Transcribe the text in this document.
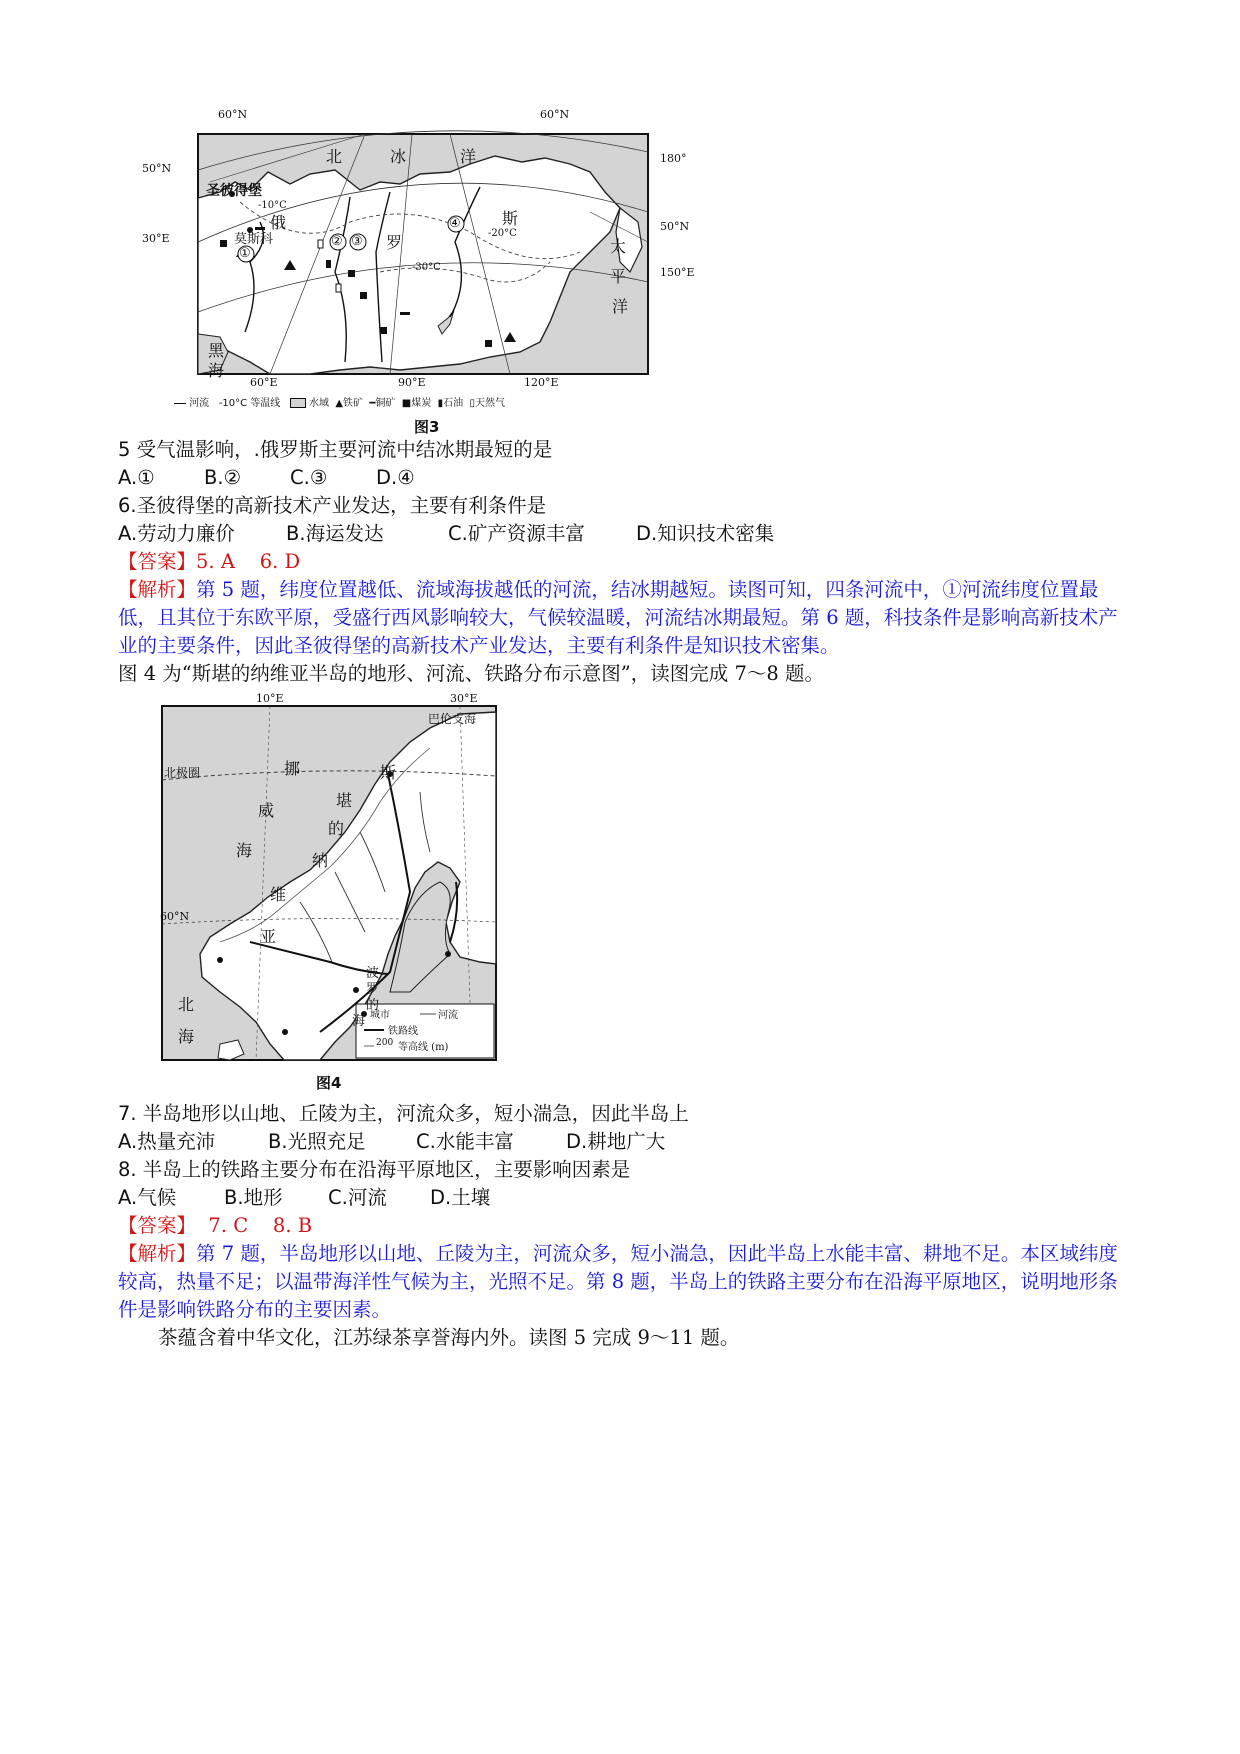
60°N	60°N
50°N
180°
50°N
30°E
150°E
60°E	90°E	120°E
北	冰	洋
圣彼得堡
莫斯科
俄
罗
斯
太
平
洋
黑
海
①
② ③
④
-30°C
-20°C
-10°C
河流 -10°C 等温线	水域 ▲铁矿 ━铜矿 ■煤炭 ▮石油 ▯天然气
图3
5 受气温影响，.俄罗斯主要河流中结冰期最短的是
A.①	B.②	C.③ D.④
6.圣彼得堡的高新技术产业发达，主要有利条件是
A.劳动力廉价	B.海运发达	C.矿产资源丰富	D.知识技术密集
【答案】5. A    6. D
【解析】第 5 题，纬度位置越低、流域海拔越低的河流，结冰期越短。读图可知，四条河流中，①河流纬度位置最低，且其位于东欧平原，受盛行西风影响较大，气候较温暖，河流结冰期最短。第 6 题，科技条件是影响高新技术产业的主要条件，因此圣彼得堡的高新技术产业发达，主要有利条件是知识技术密集。
图 4 为“斯堪的纳维亚半岛的地形、河流、铁路分布示意图”，读图完成 7～8 题。
10°E	30°E
巴伦支海
北极圈
60°N
挪
威
海
斯
堪
的
纳
维
亚
北
海
波
罗
的
海 城市	河流
铁路线
200 等高线 (m)
图4
7. 半岛地形以山地、丘陵为主，河流众多，短小湍急，因此半岛上
A.热量充沛	B.光照充足	C.水能丰富	D.耕地广大
8. 半岛上的铁路主要分布在沿海平原地区，主要影响因素是
A.气候 B.地形 C.河流 D.土壤
【答案】  7. C    8. B
【解析】第 7 题，半岛地形以山地、丘陵为主，河流众多，短小湍急，因此半岛上水能丰富、耕地不足。本区域纬度较高，热量不足；以温带海洋性气候为主，光照不足。第 8 题，半岛上的铁路主要分布在沿海平原地区，说明地形条件是影响铁路分布的主要因素。
茶蕴含着中华文化，江苏绿茶享誉海内外。读图 5 完成 9～11 题。
